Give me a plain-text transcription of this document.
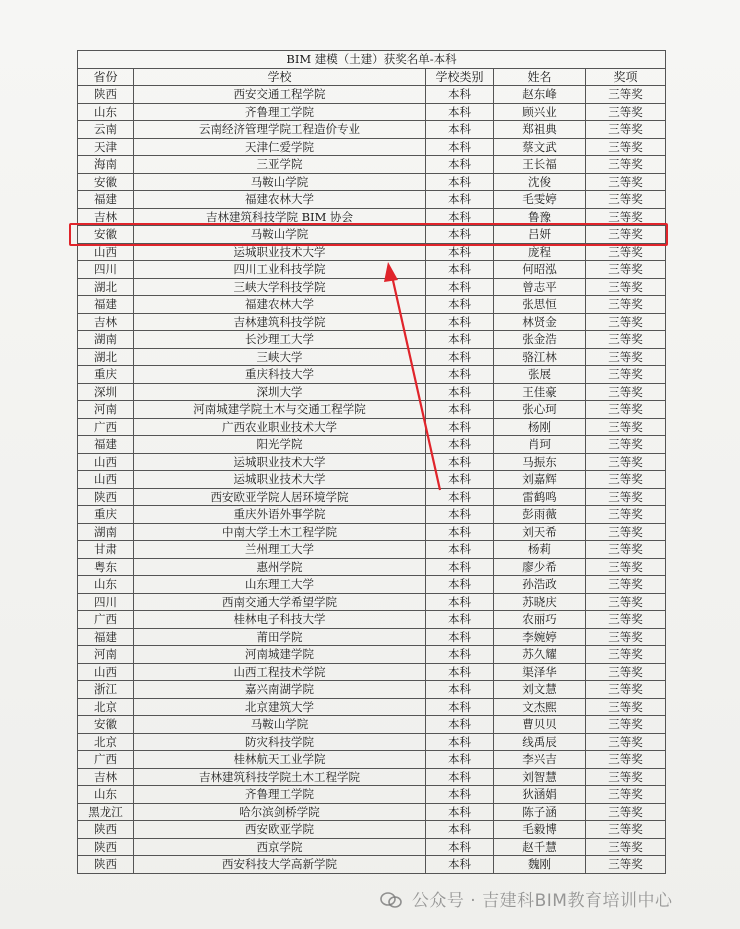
BIM 建模（土建）获奖名单-本科				
省份	学校	学校类别	姓名	奖项
陕西	西安交通工程学院	本科	赵东峰	三等奖
山东	齐鲁理工学院	本科	顾兴业	三等奖
云南	云南经济管理学院工程造价专业	本科	郑祖典	三等奖
天津	天津仁爱学院	本科	蔡文武	三等奖
海南	三亚学院	本科	王长福	三等奖
安徽	马鞍山学院	本科	沈俊	三等奖
福建	福建农林大学	本科	毛雯婷	三等奖
吉林	吉林建筑科技学院 BIM 协会	本科	鲁豫	三等奖
安徽	马鞍山学院	本科	吕妍	三等奖
山西	运城职业技术大学	本科	庞程	三等奖
四川	四川工业科技学院	本科	何昭泓	三等奖
湖北	三峡大学科技学院	本科	曾志平	三等奖
福建	福建农林大学	本科	张思恒	三等奖
吉林	吉林建筑科技学院	本科	林贤金	三等奖
湖南	长沙理工大学	本科	张金浩	三等奖
湖北	三峡大学	本科	骆江林	三等奖
重庆	重庆科技大学	本科	张展	三等奖
深圳	深圳大学	本科	王佳豪	三等奖
河南	河南城建学院土木与交通工程学院	本科	张心珂	三等奖
广西	广西农业职业技术大学	本科	杨刚	三等奖
福建	阳光学院	本科	肖珂	三等奖
山西	运城职业技术大学	本科	马振东	三等奖
山西	运城职业技术大学	本科	刘嘉辉	三等奖
陕西	西安欧亚学院人居环境学院	本科	雷鹤鸣	三等奖
重庆	重庆外语外事学院	本科	彭雨薇	三等奖
湖南	中南大学土木工程学院	本科	刘天希	三等奖
甘肃	兰州理工大学	本科	杨莉	三等奖
粤东	惠州学院	本科	廖少希	三等奖
山东	山东理工大学	本科	孙浩政	三等奖
四川	西南交通大学希望学院	本科	苏晓庆	三等奖
广西	桂林电子科技大学	本科	农丽巧	三等奖
福建	莆田学院	本科	李婉婷	三等奖
河南	河南城建学院	本科	苏久耀	三等奖
山西	山西工程技术学院	本科	渠泽华	三等奖
浙江	嘉兴南湖学院	本科	刘文慧	三等奖
北京	北京建筑大学	本科	文杰熙	三等奖
安徽	马鞍山学院	本科	曹贝贝	三等奖
北京	防灾科技学院	本科	线禹辰	三等奖
广西	桂林航天工业学院	本科	李兴吉	三等奖
吉林	吉林建筑科技学院土木工程学院	本科	刘智慧	三等奖
山东	齐鲁理工学院	本科	狄涵娟	三等奖
黑龙江	哈尔滨剑桥学院	本科	陈子涵	三等奖
陕西	西安欧亚学院	本科	毛毅博	三等奖
陕西	西京学院	本科	赵千慧	三等奖
陕西	西安科技大学高新学院	本科	魏刚	三等奖
公众号 · 吉建科BIM教育培训中心
